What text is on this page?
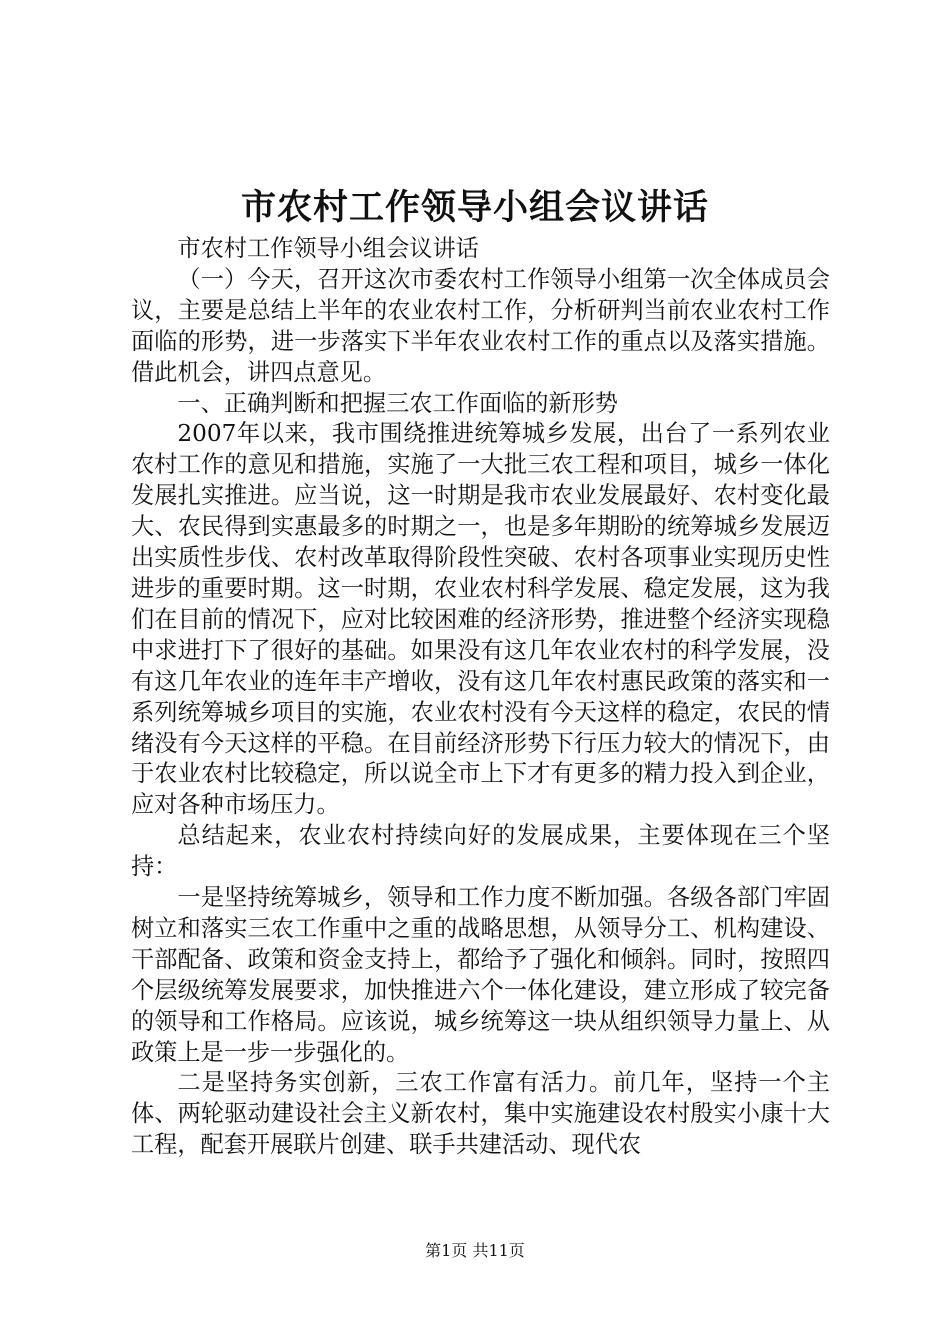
市农村工作领导小组会议讲话

市农村工作领导小组会议讲话

（一）今天，召开这次市委农村工作领导小组第一次全体成员会议，主要是总结上半年的农业农村工作，分析研判当前农业农村工作面临的形势，进一步落实下半年农业农村工作的重点以及落实措施。借此机会，讲四点意见。

一、正确判断和把握三农工作面临的新形势

2007年以来，我市围绕推进统筹城乡发展，出台了一系列农业农村工作的意见和措施，实施了一大批三农工程和项目，城乡一体化发展扎实推进。应当说，这一时期是我市农业发展最好、农村变化最大、农民得到实惠最多的时期之一，也是多年期盼的统筹城乡发展迈出实质性步伐、农村改革取得阶段性突破、农村各项事业实现历史性进步的重要时期。这一时期，农业农村科学发展、稳定发展，这为我们在目前的情况下，应对比较困难的经济形势，推进整个经济实现稳中求进打下了很好的基础。如果没有这几年农业农村的科学发展，没有这几年农业的连年丰产增收，没有这几年农村惠民政策的落实和一系列统筹城乡项目的实施，农业农村没有今天这样的稳定，农民的情绪没有今天这样的平稳。在目前经济形势下行压力较大的情况下，由于农业农村比较稳定，所以说全市上下才有更多的精力投入到企业，应对各种市场压力。

总结起来，农业农村持续向好的发展成果，主要体现在三个坚持：

一是坚持统筹城乡，领导和工作力度不断加强。各级各部门牢固树立和落实三农工作重中之重的战略思想，从领导分工、机构建设、干部配备、政策和资金支持上，都给予了强化和倾斜。同时，按照四个层级统筹发展要求，加快推进六个一体化建设，建立形成了较完备的领导和工作格局。应该说，城乡统筹这一块从组织领导力量上、从政策上是一步一步强化的。

二是坚持务实创新，三农工作富有活力。前几年，坚持一个主体、两轮驱动建设社会主义新农村，集中实施建设农村殷实小康十大工程，配套开展联片创建、联手共建活动、现代农

第1页 共11页
